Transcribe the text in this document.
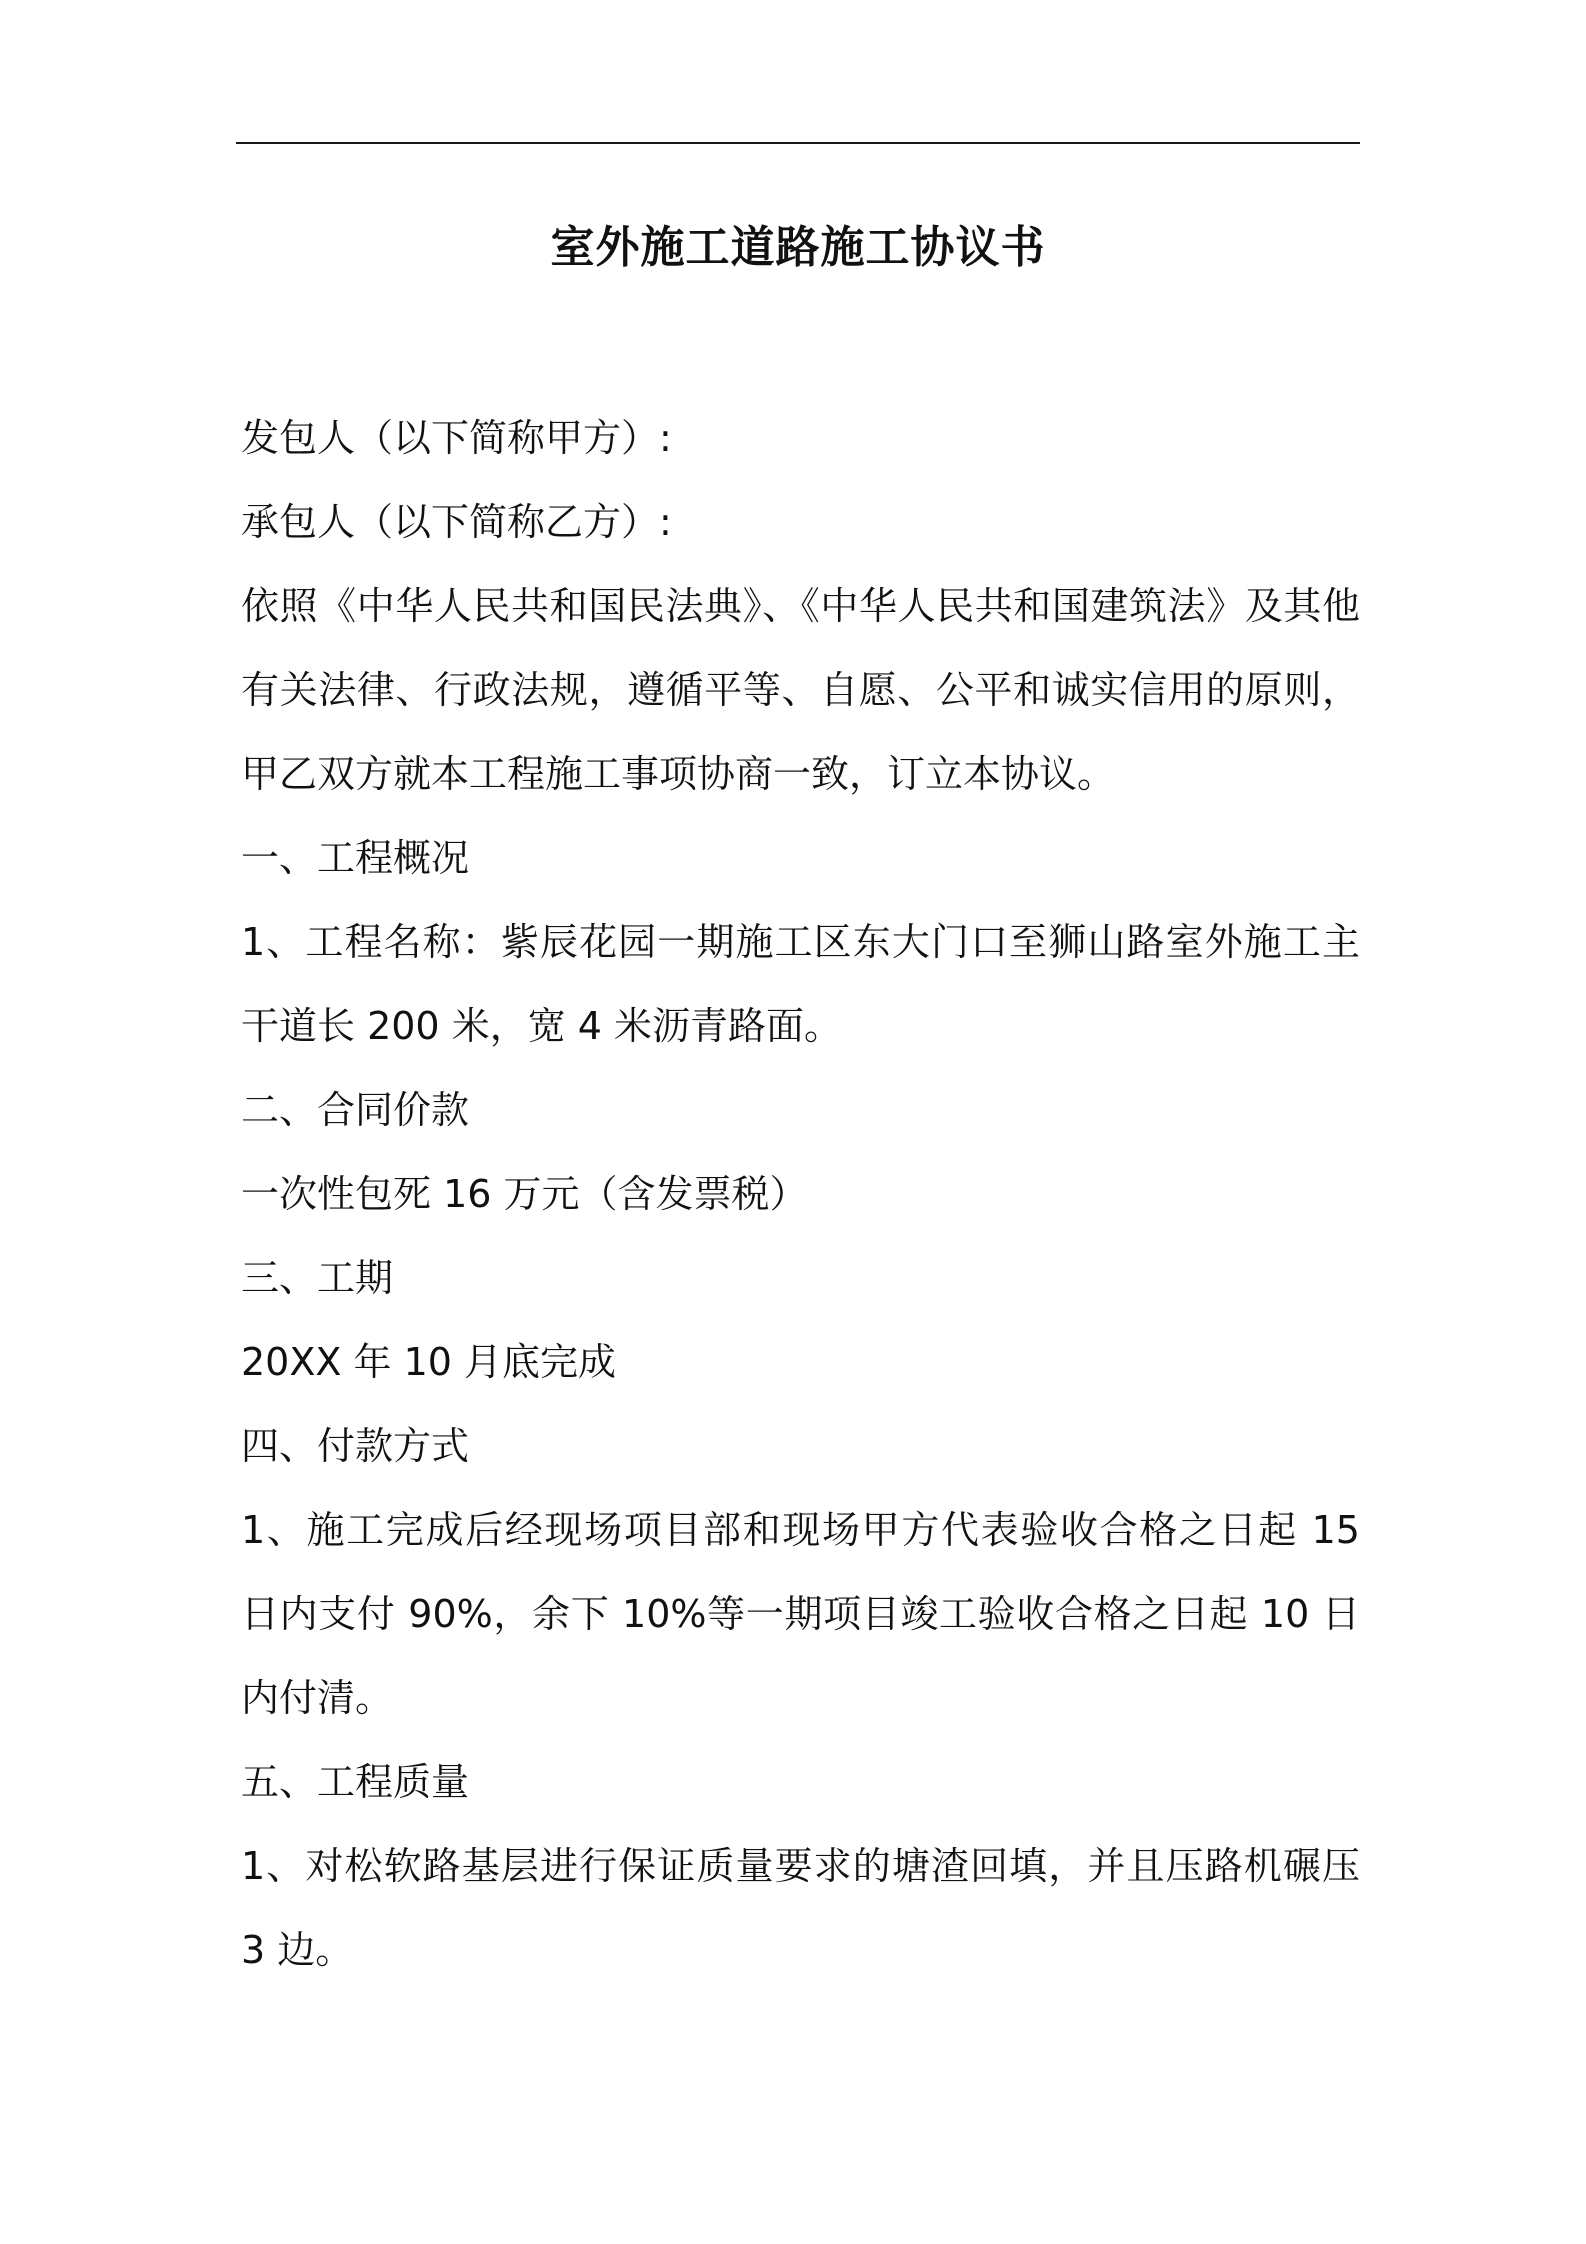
室外施工道路施工协议书

发包人（以下简称甲方）:

承包人（以下简称乙方）:

依照《中华人民共和国民法典》、《中华人民共和国建筑法》及其他有关法律、行政法规，遵循平等、自愿、公平和诚实信用的原则，甲乙双方就本工程施工事项协商一致，订立本协议。

一、工程概况

1、工程名称：紫辰花园一期施工区东大门口至狮山路室外施工主干道长 200 米，宽 4 米沥青路面。

二、合同价款

一次性包死 16 万元（含发票税）

三、工期

20XX 年 10 月底完成

四、付款方式

1、施工完成后经现场项目部和现场甲方代表验收合格之日起 15 日内支付 90%，余下 10%等一期项目竣工验收合格之日起 10 日内付清。

五、工程质量

1、对松软路基层进行保证质量要求的塘渣回填，并且压路机碾压 3 边。
